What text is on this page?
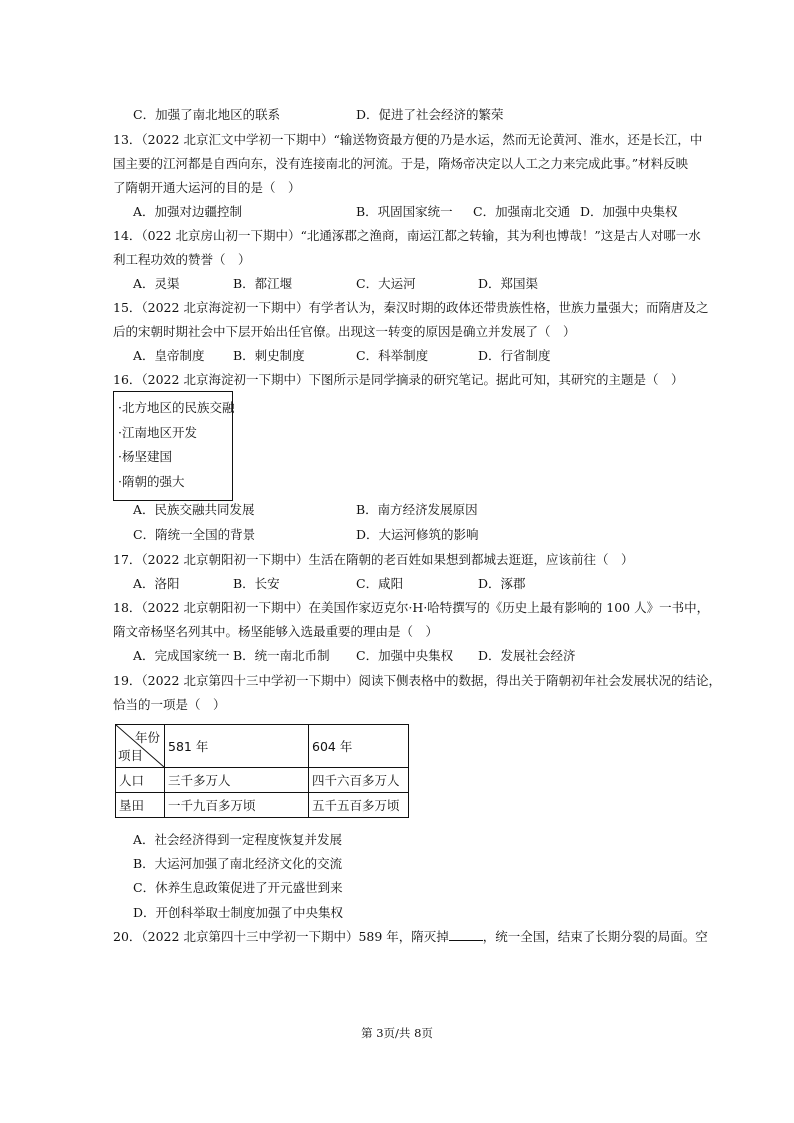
C．加强了南北地区的联系	D．促进了社会经济的繁荣
13．（2022 北京汇文中学初一下期中）“输送物资最方便的乃是水运，然而无论黄河、淮水，还是长江，中
国主要的江河都是自西向东，没有连接南北的河流。于是，隋炀帝决定以人工之力来完成此事。”材料反映
了隋朝开通大运河的目的是（　）
A．加强对边疆控制	B．巩固国家统一 C．加强南北交通 D．加强中央集权
14．（022 北京房山初一下期中）“北通涿郡之渔商，南运江都之转输，其为利也博哉！”这是古人对哪一水
利工程功效的赞誉（　）
A．灵渠	B．都江堰	C．大运河	D．郑国渠
15．（2022 北京海淀初一下期中）有学者认为，秦汉时期的政体还带贵族性格，世族力量强大；而隋唐及之
后的宋朝时期社会中下层开始出任官僚。出现这一转变的原因是确立并发展了（　）
A．皇帝制度 B．刺史制度	C．科举制度	D．行省制度
16．（2022 北京海淀初一下期中）下图所示是同学摘录的研究笔记。据此可知，其研究的主题是（　）
·北方地区的民族交融
·江南地区开发
·杨坚建国
·隋朝的强大
A．民族交融共同发展	B．南方经济发展原因
C．隋统一全国的背景	D．大运河修筑的影响
17．（2022 北京朝阳初一下期中）生活在隋朝的老百姓如果想到都城去逛逛，应该前往（　）
A．洛阳	B．长安	C．咸阳	D．涿郡
18．（2022 北京朝阳初一下期中）在美国作家迈克尔·H·哈特撰写的《历史上最有影响的 100 人》一书中，
隋文帝杨坚名列其中。杨坚能够入选最重要的理由是（　）
A．完成国家统一 B．统一南北币制 C．加强中央集权 D．发展社会经济
19．（2022 北京第四十三中学初一下期中）阅读下侧表格中的数据，得出关于隋朝初年社会发展状况的结论，
恰当的一项是（　）
年份
项目	581 年	604 年
人口	三千多万人	四千六百多万人
垦田	一千九百多万顷	五千五百多万顷
A．社会经济得到一定程度恢复并发展
B．大运河加强了南北经济文化的交流
C．休养生息政策促进了开元盛世到来
D．开创科举取士制度加强了中央集权
20．（2022 北京第四十三中学初一下期中）589 年，隋灭掉	，统一全国，结束了长期分裂的局面。空
第 3页/共 8页
